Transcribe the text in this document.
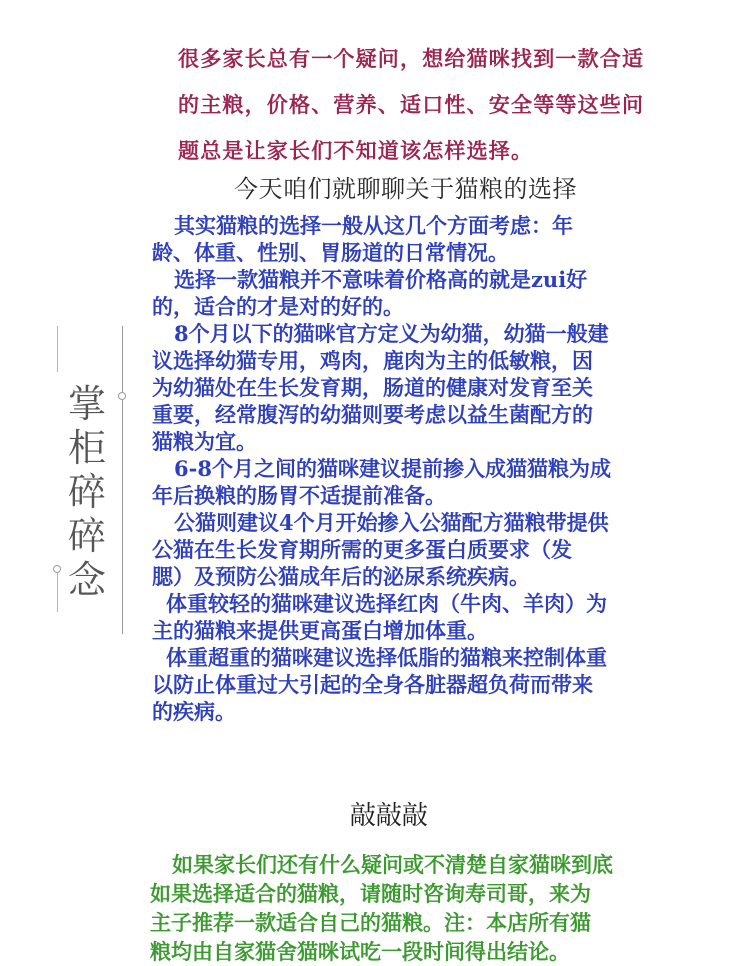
很多家长总有一个疑问，想给猫咪找到一款合适

的主粮，价格、营养、适口性、安全等等这些问

题总是让家长们不知道该怎样选择。

今天咱们就聊聊关于猫粮的选择
掌
柜
碎
碎
念

其实猫粮的选择一般从这几个方面考虑：年

龄、体重、性别、胃肠道的日常情况。

选择一款猫粮并不意味着价格高的就是zui好

的，适合的才是对的好的。

8个月以下的猫咪官方定义为幼猫，幼猫一般建

议选择幼猫专用，鸡肉，鹿肉为主的低敏粮，因

为幼猫处在生长发育期，肠道的健康对发育至关

重要，经常腹泻的幼猫则要考虑以益生菌配方的

猫粮为宜。

6-8个月之间的猫咪建议提前掺入成猫猫粮为成

年后换粮的肠胃不适提前准备。

公猫则建议4个月开始掺入公猫配方猫粮带提供

公猫在生长发育期所需的更多蛋白质要求（发

腮）及预防公猫成年后的泌尿系统疾病。

体重较轻的猫咪建议选择红肉（牛肉、羊肉）为

主的猫粮来提供更高蛋白增加体重。

体重超重的猫咪建议选择低脂的猫粮来控制体重

以防止体重过大引起的全身各脏器超负荷而带来

的疾病。

敲敲敲

如果家长们还有什么疑问或不清楚自家猫咪到底

如果选择适合的猫粮，请随时咨询寿司哥，来为

主子推荐一款适合自己的猫粮。注：本店所有猫

粮均由自家猫舍猫咪试吃一段时间得出结论。
